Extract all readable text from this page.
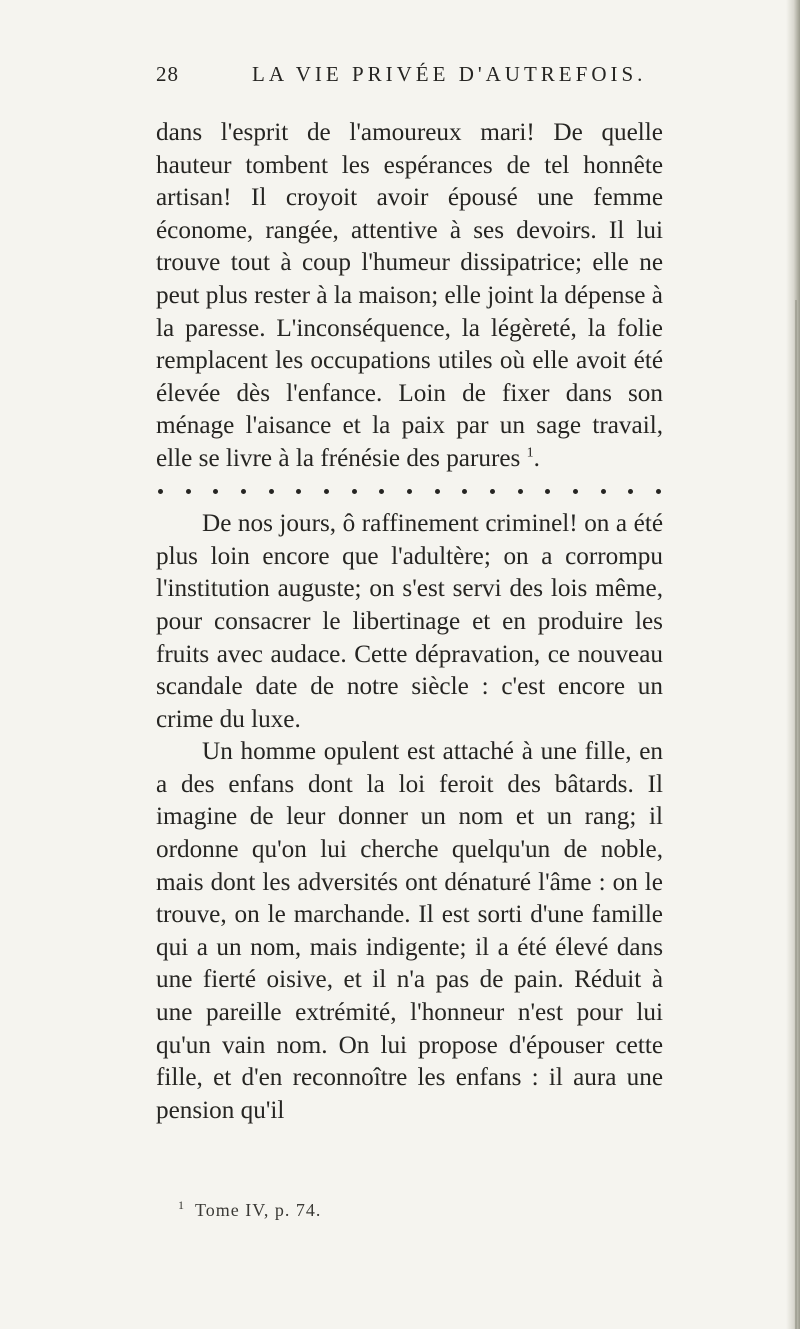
28	LA VIE PRIVÉE D'AUTREFOIS.

dans l'esprit de l'amoureux mari! De quelle hauteur tombent les espérances de tel honnête artisan! Il croyoit avoir épousé une femme économe, rangée, attentive à ses devoirs. Il lui trouve tout à coup l'humeur dissipatrice; elle ne peut plus rester à la maison; elle joint la dépense à la paresse. L'inconséquence, la légèreté, la folie remplacent les occupations utiles où elle avoit été élevée dès l'enfance. Loin de fixer dans son ménage l'aisance et la paix par un sage travail, elle se livre à la frénésie des parures $^1$.

De nos jours, ô raffinement criminel! on a été plus loin encore que l'adultère; on a corrompu l'institution auguste; on s'est servi des lois même, pour consacrer le libertinage et en produire les fruits avec audace. Cette dépravation, ce nouveau scandale date de notre siècle : c'est encore un crime du luxe.

Un homme opulent est attaché à une fille, en a des enfans dont la loi feroit des bâtards. Il imagine de leur donner un nom et un rang; il ordonne qu'on lui cherche quelqu'un de noble, mais dont les adversités ont dénaturé l'âme : on le trouve, on le marchande. Il est sorti d'une famille qui a un nom, mais indigente; il a été élevé dans une fierté oisive, et il n'a pas de pain. Réduit à une pareille extrémité, l'honneur n'est pour lui qu'un vain nom. On lui propose d'épouser cette fille, et d'en reconnoître les enfans : il aura une pension qu'il

$^1$ Tome IV, p. 74.
